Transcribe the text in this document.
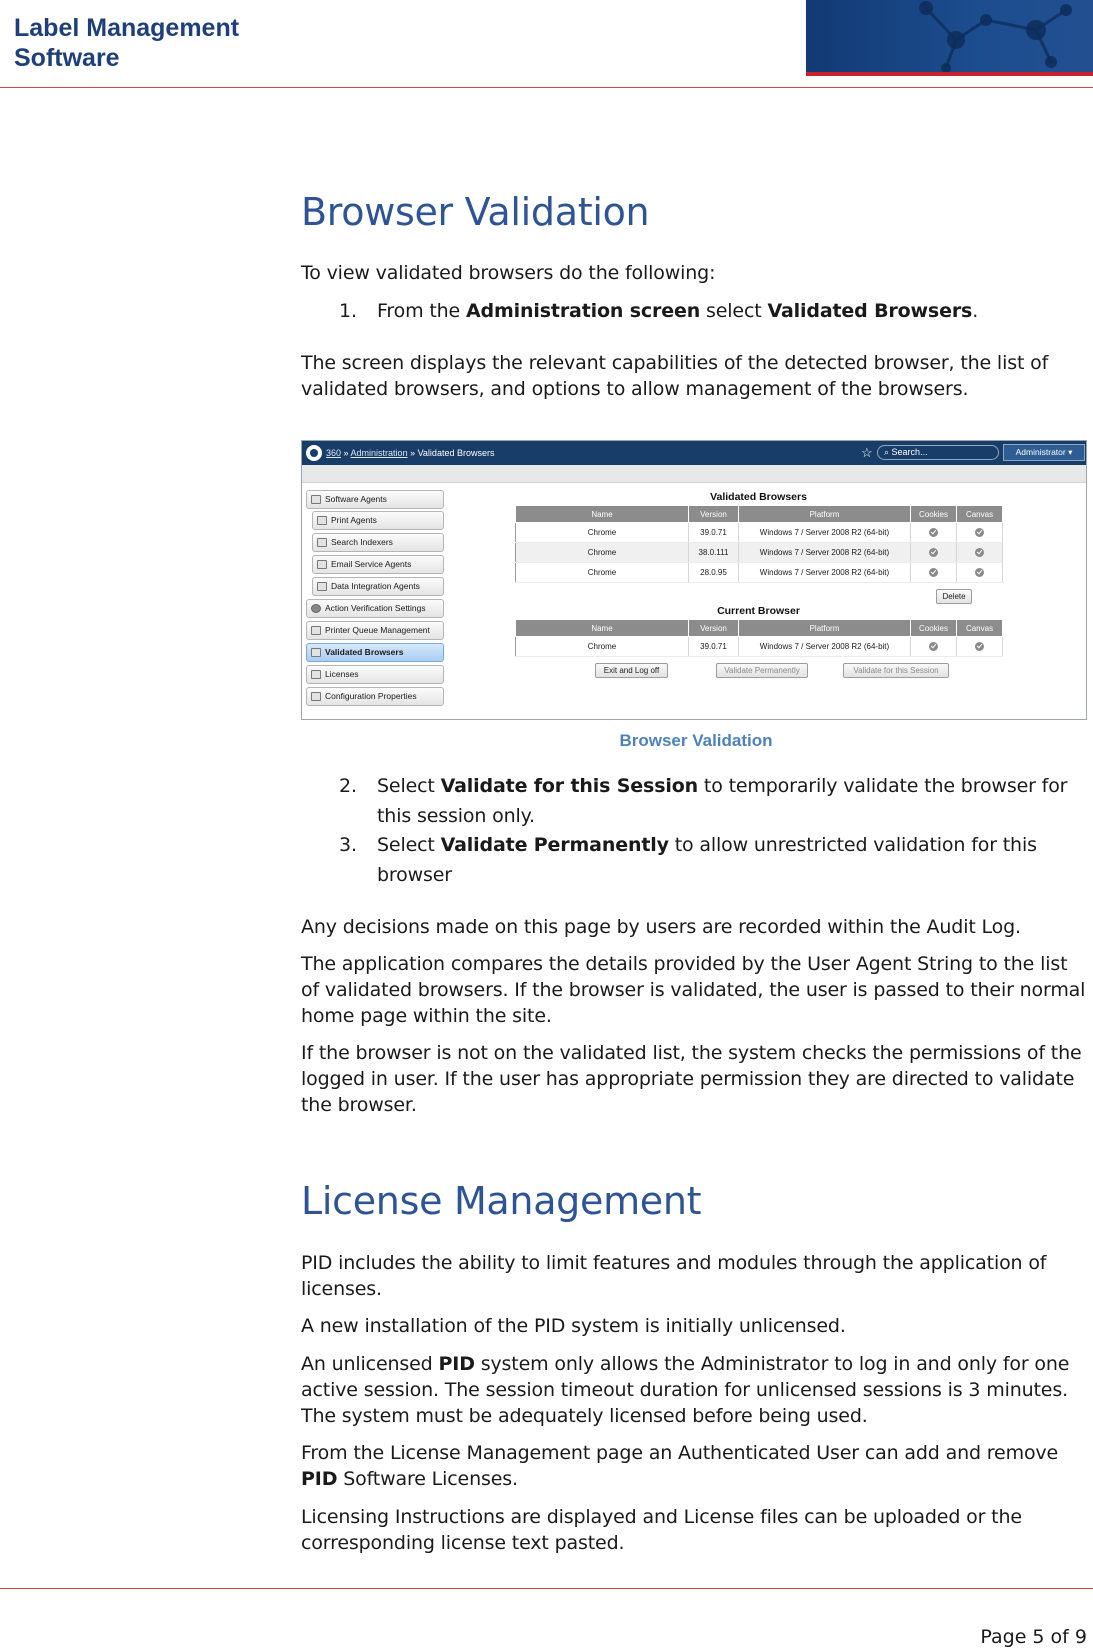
Label Management
Software
Browser Validation
To view validated browsers do the following:
1. From the Administration screen select Validated Browsers.
The screen displays the relevant capabilities of the detected browser, the list of validated browsers, and options to allow management of the browsers.
360 » Administration » Validated Browsers	☆	⌕ Search...	Administrator ▾
Software Agents
Print Agents
Search Indexers
Email Service Agents
Data Integration Agents
Action Verification Settings
Printer Queue Management
Validated Browsers
Licenses
Configuration Properties
Validated Browsers
Name	Version	Platform	Cookies	Canvas
Chrome	39.0.71	Windows 7 / Server 2008 R2 (64-bit)		
Chrome	38.0.111	Windows 7 / Server 2008 R2 (64-bit)		
Chrome	28.0.95	Windows 7 / Server 2008 R2 (64-bit)		
Delete
Current Browser
Name	Version	Platform	Cookies	Canvas
Chrome	39.0.71	Windows 7 / Server 2008 R2 (64-bit)		
Exit and Log off	Validate Permanently	Validate for this Session
Browser Validation
2. Select Validate for this Session to temporarily validate the browser for
this session only.
3. Select Validate Permanently to allow unrestricted validation for this
browser
Any decisions made on this page by users are recorded within the Audit Log.
The application compares the details provided by the User Agent String to the list of validated browsers. If the browser is validated, the user is passed to their normal home page within the site.
If the browser is not on the validated list, the system checks the permissions of the logged in user. If the user has appropriate permission they are directed to validate the browser.
License Management
PID includes the ability to limit features and modules through the application of licenses.
A new installation of the PID system is initially unlicensed.
An unlicensed PID system only allows the Administrator to log in and only for one active session. The session timeout duration for unlicensed sessions is 3 minutes. The system must be adequately licensed before being used.
From the License Management page an Authenticated User can add and remove PID Software Licenses.
Licensing Instructions are displayed and License files can be uploaded or the corresponding license text pasted.
Page 5 of 9
